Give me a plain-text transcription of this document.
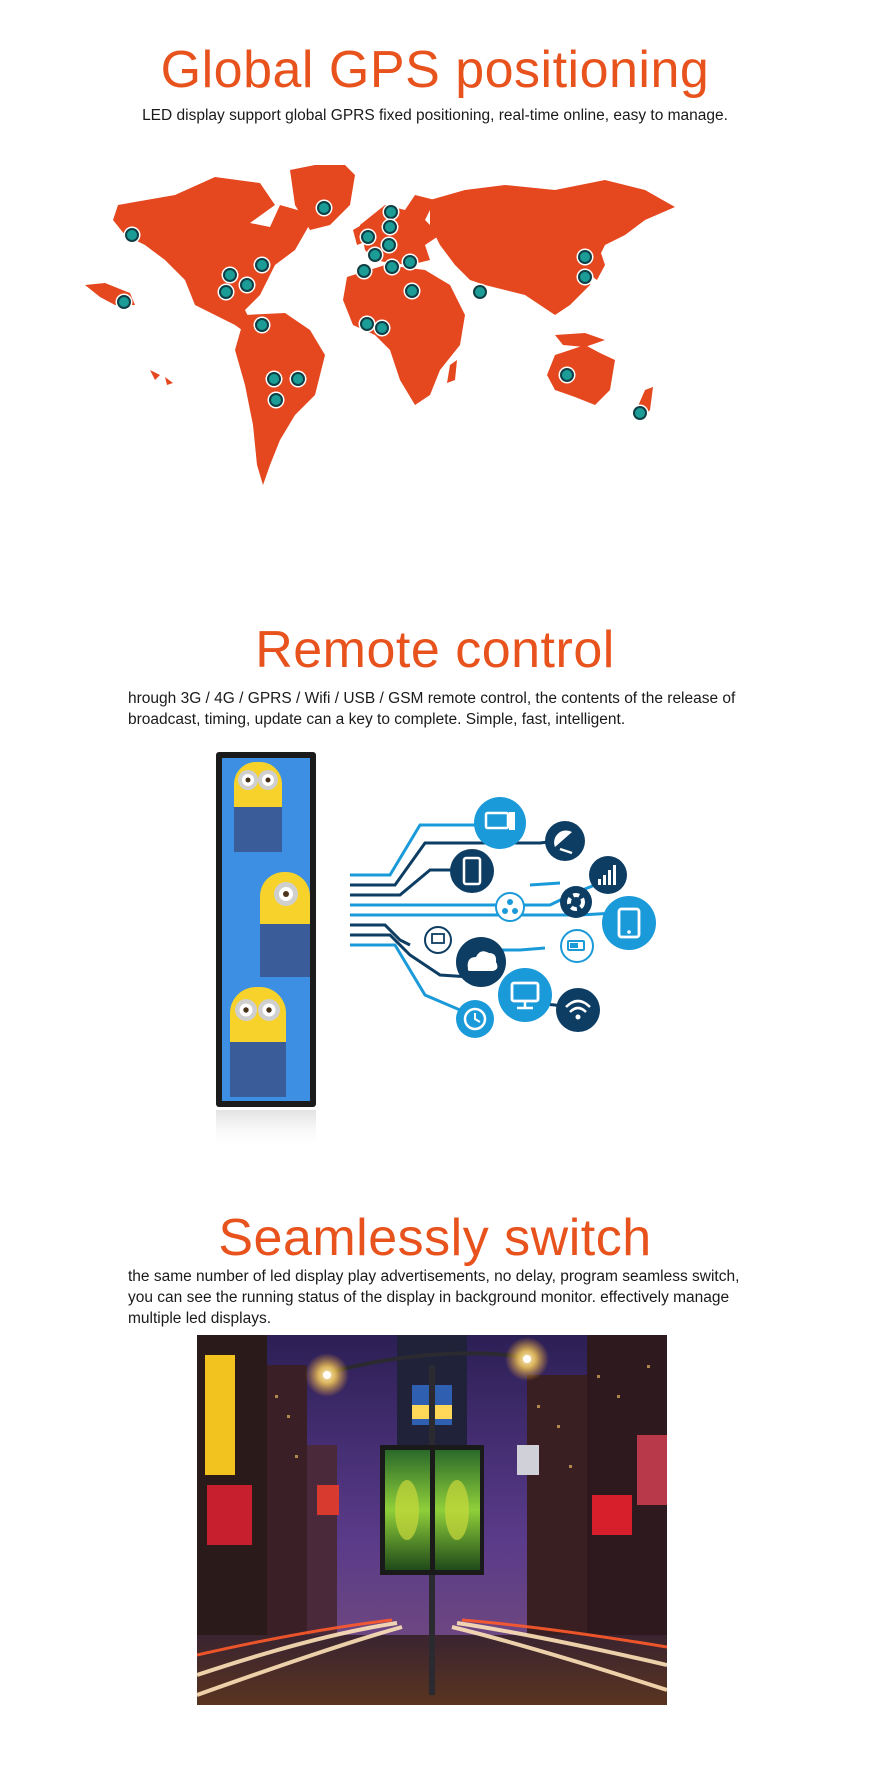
Global GPS positioning

LED display support global GPRS fixed positioning, real-time online, easy to manage.

Remote control

hrough 3G / 4G / GPRS / Wifi / USB / GSM remote control, the contents of the release of broadcast, timing, update can a key to complete. Simple, fast, intelligent.

Seamlessly switch

the same number of led display play advertisements, no delay, program seamless switch, you can see the running status of the display in background monitor. effectively manage multiple led displays.
